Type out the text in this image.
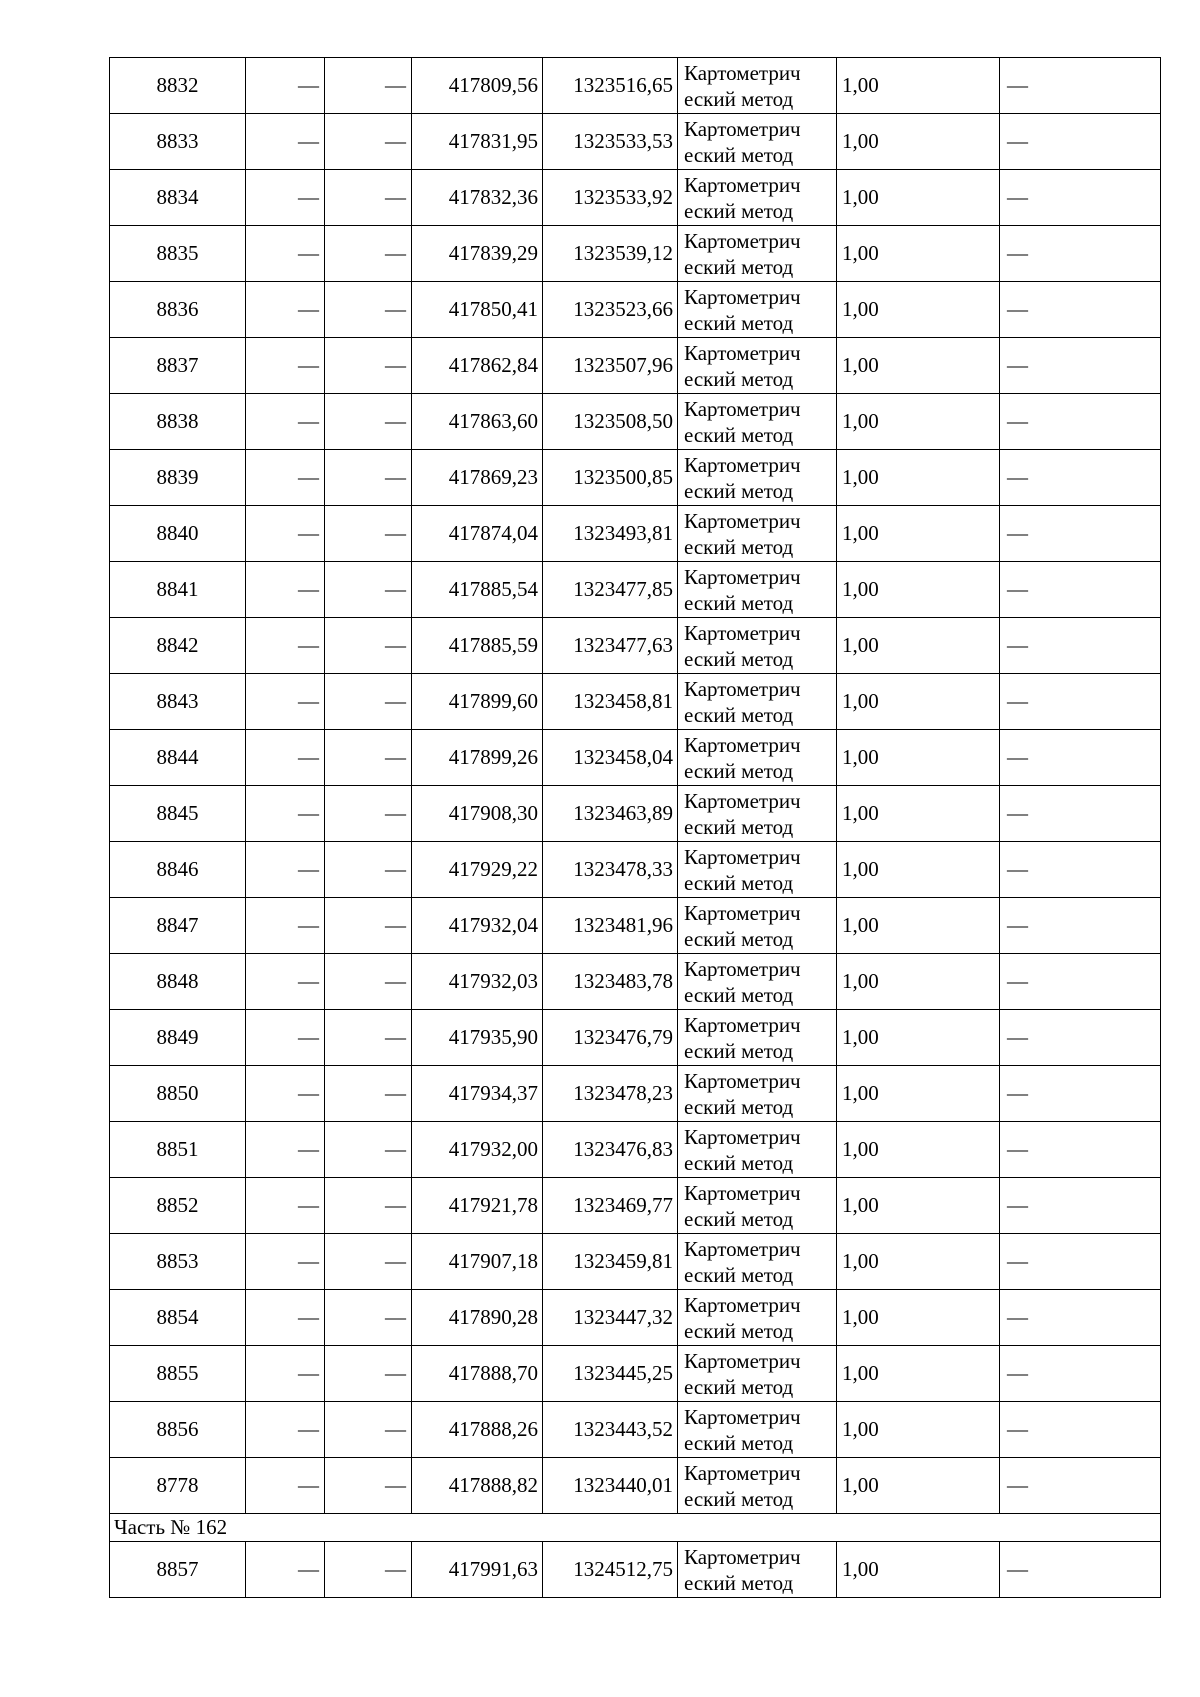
8832	—	—	417809,56	1323516,65	Картометрич
еский метод	1,00	—
8833	—	—	417831,95	1323533,53	Картометрич
еский метод	1,00	—
8834	—	—	417832,36	1323533,92	Картометрич
еский метод	1,00	—
8835	—	—	417839,29	1323539,12	Картометрич
еский метод	1,00	—
8836	—	—	417850,41	1323523,66	Картометрич
еский метод	1,00	—
8837	—	—	417862,84	1323507,96	Картометрич
еский метод	1,00	—
8838	—	—	417863,60	1323508,50	Картометрич
еский метод	1,00	—
8839	—	—	417869,23	1323500,85	Картометрич
еский метод	1,00	—
8840	—	—	417874,04	1323493,81	Картометрич
еский метод	1,00	—
8841	—	—	417885,54	1323477,85	Картометрич
еский метод	1,00	—
8842	—	—	417885,59	1323477,63	Картометрич
еский метод	1,00	—
8843	—	—	417899,60	1323458,81	Картометрич
еский метод	1,00	—
8844	—	—	417899,26	1323458,04	Картометрич
еский метод	1,00	—
8845	—	—	417908,30	1323463,89	Картометрич
еский метод	1,00	—
8846	—	—	417929,22	1323478,33	Картометрич
еский метод	1,00	—
8847	—	—	417932,04	1323481,96	Картометрич
еский метод	1,00	—
8848	—	—	417932,03	1323483,78	Картометрич
еский метод	1,00	—
8849	—	—	417935,90	1323476,79	Картометрич
еский метод	1,00	—
8850	—	—	417934,37	1323478,23	Картометрич
еский метод	1,00	—
8851	—	—	417932,00	1323476,83	Картометрич
еский метод	1,00	—
8852	—	—	417921,78	1323469,77	Картометрич
еский метод	1,00	—
8853	—	—	417907,18	1323459,81	Картометрич
еский метод	1,00	—
8854	—	—	417890,28	1323447,32	Картометрич
еский метод	1,00	—
8855	—	—	417888,70	1323445,25	Картометрич
еский метод	1,00	—
8856	—	—	417888,26	1323443,52	Картометрич
еский метод	1,00	—
8778	—	—	417888,82	1323440,01	Картометрич
еский метод	1,00	—
Часть № 162							
8857	—	—	417991,63	1324512,75	Картометрич
еский метод	1,00	—
